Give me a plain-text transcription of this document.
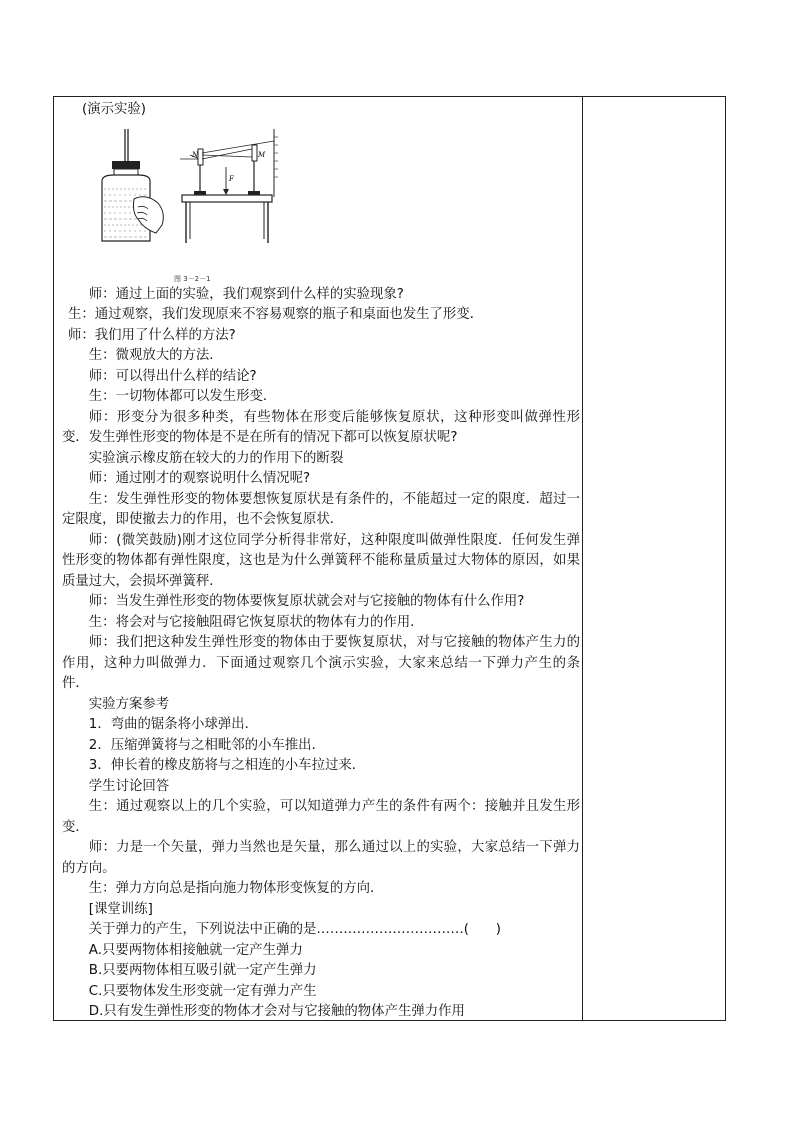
(演示实验)

N	M
F
图 3－2－1

师：通过上面的实验，我们观察到什么样的实验现象?

生：通过观察，我们发现原来不容易观察的瓶子和桌面也发生了形变．

师：我们用了什么样的方法?

生：微观放大的方法．

师：可以得出什么样的结论?

生：一切物体都可以发生形变．

师：形变分为很多种类，有些物体在形变后能够恢复原状，这种形变叫做弹性形变．发生弹性形变的物体是不是在所有的情况下都可以恢复原状呢?

实验演示橡皮筋在较大的力的作用下的断裂

师：通过刚才的观察说明什么情况呢?

生：发生弹性形变的物体要想恢复原状是有条件的，不能超过一定的限度．超过一定限度，即使撤去力的作用，也不会恢复原状．

师：(微笑鼓励)刚才这位同学分析得非常好，这种限度叫做弹性限度．任何发生弹性形变的物体都有弹性限度，这也是为什么弹簧秤不能称量质量过大物体的原因，如果质量过大，会损坏弹簧秤．

师：当发生弹性形变的物体要恢复原状就会对与它接触的物体有什么作用?

生：将会对与它接触阻碍它恢复原状的物体有力的作用．

师：我们把这种发生弹性形变的物体由于要恢复原状，对与它接触的物体产生力的作用，这种力叫做弹力．下面通过观察几个演示实验，大家来总结一下弹力产生的条件．

实验方案参考

1．弯曲的锯条将小球弹出．

2．压缩弹簧将与之相毗邻的小车推出．

3．伸长着的橡皮筋将与之相连的小车拉过来．

学生讨论回答

生：通过观察以上的几个实验，可以知道弹力产生的条件有两个：接触并且发生形变．

师：力是一个矢量，弹力当然也是矢量，那么通过以上的实验，大家总结一下弹力的方向。

生：弹力方向总是指向施力物体形变恢复的方向．

[课堂训练]

关于弹力的产生，下列说法中正确的是……………………………(　　)

A.只要两物体相接触就一定产生弹力

B.只要两物体相互吸引就一定产生弹力

C.只要物体发生形变就一定有弹力产生

D.只有发生弹性形变的物体才会对与它接触的物体产生弹力作用
